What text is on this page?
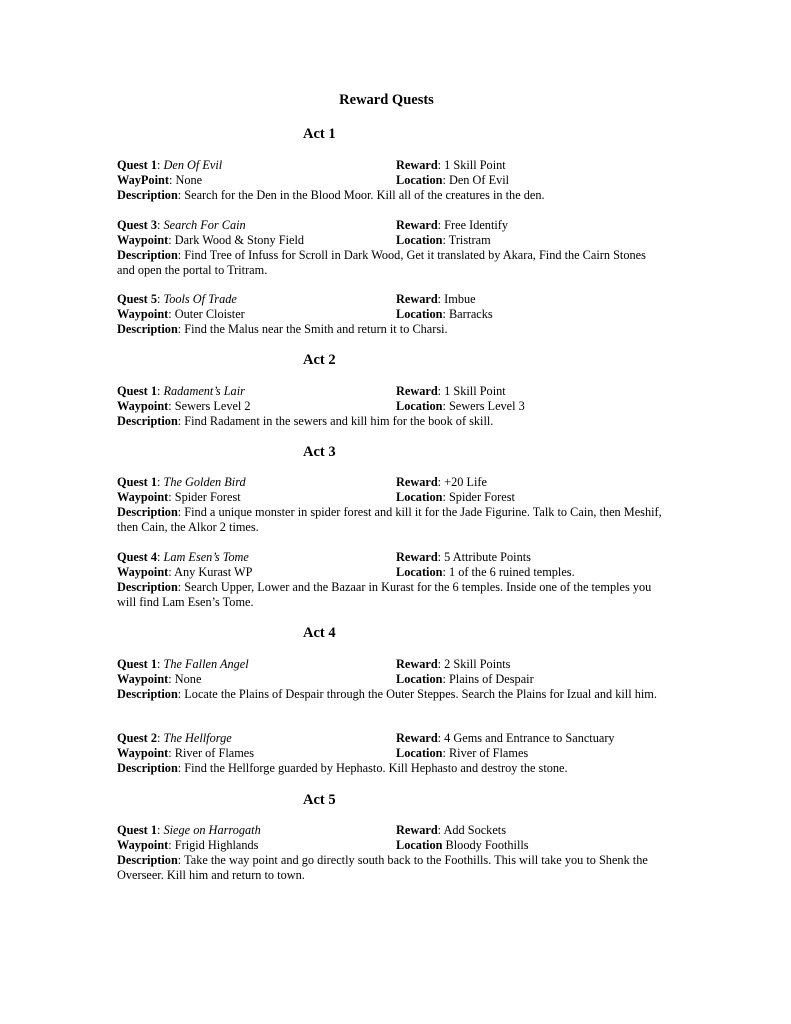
Reward Quests
Act 1
Quest 1: Den Of Evil	Reward: 1 Skill Point
WayPoint: None	Location: Den Of Evil
Description: Search for the Den in the Blood Moor. Kill all of the creatures in the den.
Quest 3: Search For Cain	Reward: Free Identify
Waypoint: Dark Wood & Stony Field	Location: Tristram
Description: Find Tree of Infuss for Scroll in Dark Wood, Get it translated by Akara, Find the Cairn Stones and open the portal to Tritram.
Quest 5: Tools Of Trade	Reward: Imbue
Waypoint: Outer Cloister	Location: Barracks
Description: Find the Malus near the Smith and return it to Charsi.
Act 2
Quest 1: Radament’s Lair	Reward: 1 Skill Point
Waypoint: Sewers Level 2	Location: Sewers Level 3
Description: Find Radament in the sewers and kill him for the book of skill.
Act 3
Quest 1: The Golden Bird	Reward: +20 Life
Waypoint: Spider Forest	Location: Spider Forest
Description: Find a unique monster in spider forest and kill it for the Jade Figurine. Talk to Cain, then Meshif, then Cain, the Alkor 2 times.
Quest 4: Lam Esen’s Tome	Reward: 5 Attribute Points
Waypoint: Any Kurast WP	Location: 1 of the 6 ruined temples.
Description: Search Upper, Lower and the Bazaar in Kurast for the 6 temples. Inside one of the temples you will find Lam Esen’s Tome.
Act 4
Quest 1: The Fallen Angel	Reward: 2 Skill Points
Waypoint: None	Location: Plains of Despair
Description: Locate the Plains of Despair through the Outer Steppes. Search the Plains for Izual and kill him.
Quest 2: The Hellforge	Reward: 4 Gems and Entrance to Sanctuary
Waypoint: River of Flames	Location: River of Flames
Description: Find the Hellforge guarded by Hephasto. Kill Hephasto and destroy the stone.
Act 5
Quest 1: Siege on Harrogath	Reward: Add Sockets
Waypoint: Frigid Highlands	Location Bloody Foothills
Description: Take the way point and go directly south back to the Foothills. This will take you to Shenk the Overseer. Kill him and return to town.
